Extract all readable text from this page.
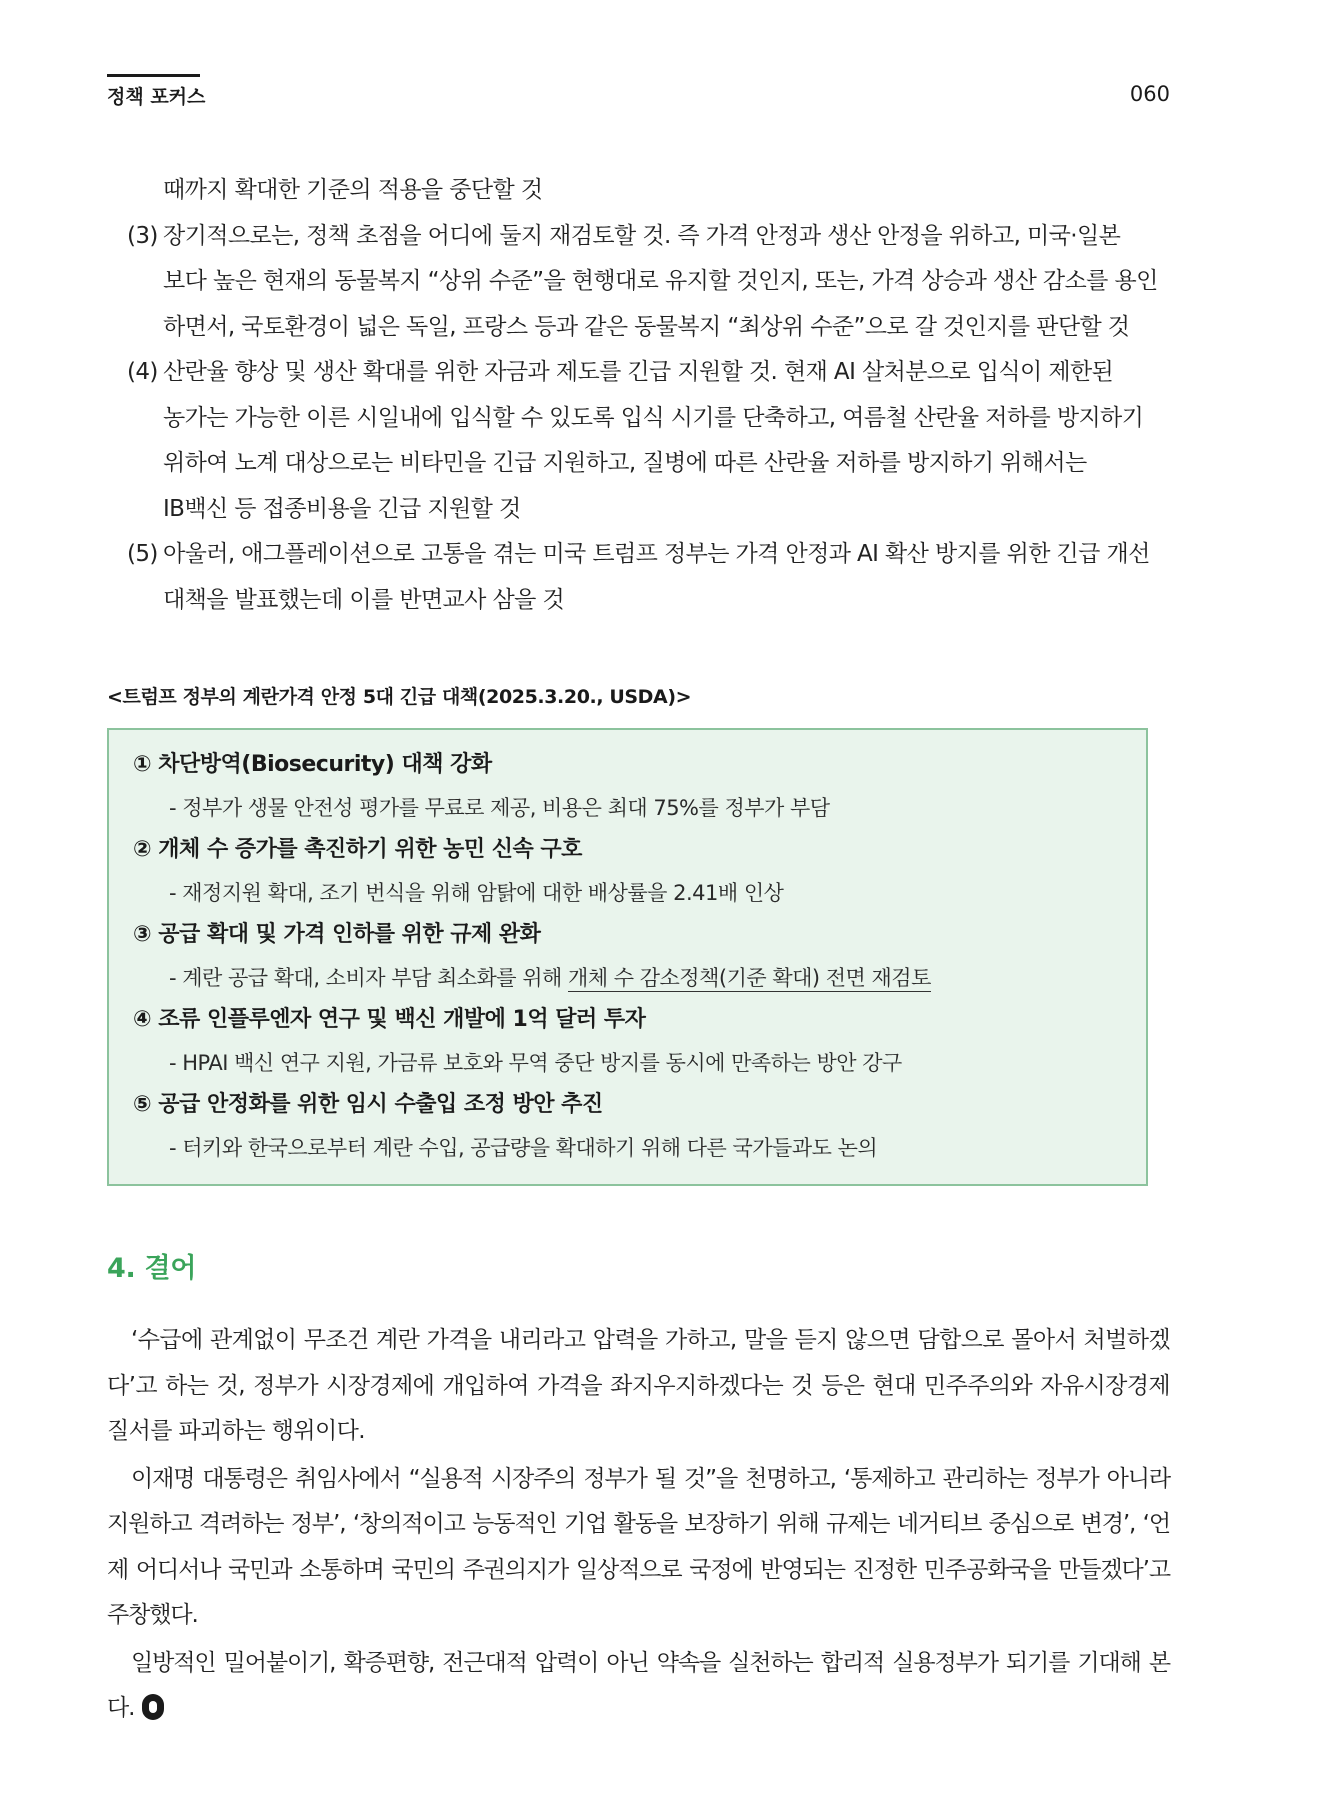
정책 포커스	060
때까지 확대한 기준의 적용을 중단할 것
(3) 장기적으로는, 정책 초점을 어디에 둘지 재검토할 것. 즉 가격 안정과 생산 안정을 위하고, 미국·일본
보다 높은 현재의 동물복지 “상위 수준”을 현행대로 유지할 것인지, 또는, 가격 상승과 생산 감소를 용인
하면서, 국토환경이 넓은 독일, 프랑스 등과 같은 동물복지 “최상위 수준”으로 갈 것인지를 판단할 것
(4) 산란율 향상 및 생산 확대를 위한 자금과 제도를 긴급 지원할 것. 현재 AI 살처분으로 입식이 제한된
농가는 가능한 이른 시일내에 입식할 수 있도록 입식 시기를 단축하고, 여름철 산란율 저하를 방지하기
위하여 노계 대상으로는 비타민을 긴급 지원하고, 질병에 따른 산란율 저하를 방지하기 위해서는
IB백신 등 접종비용을 긴급 지원할 것
(5) 아울러, 애그플레이션으로 고통을 겪는 미국 트럼프 정부는 가격 안정과 AI 확산 방지를 위한 긴급 개선
대책을 발표했는데 이를 반면교사 삼을 것
<트럼프 정부의 계란가격 안정 5대 긴급 대책(2025.3.20., USDA)>
① 차단방역(Biosecurity) 대책 강화
- 정부가 생물 안전성 평가를 무료로 제공, 비용은 최대 75%를 정부가 부담
② 개체 수 증가를 촉진하기 위한 농민 신속 구호
- 재정지원 확대, 조기 번식을 위해 암탉에 대한 배상률을 2.41배 인상
③ 공급 확대 및 가격 인하를 위한 규제 완화
- 계란 공급 확대, 소비자 부담 최소화를 위해 개체 수 감소정책(기준 확대) 전면 재검토
④ 조류 인플루엔자 연구 및 백신 개발에 1억 달러 투자
- HPAI 백신 연구 지원, 가금류 보호와 무역 중단 방지를 동시에 만족하는 방안 강구
⑤ 공급 안정화를 위한 임시 수출입 조정 방안 추진
- 터키와 한국으로부터 계란 수입, 공급량을 확대하기 위해 다른 국가들과도 논의
4. 결어

‘수급에 관계없이 무조건 계란 가격을 내리라고 압력을 가하고, 말을 듣지 않으면 담합으로 몰아서 처벌하겠다’고 하는 것, 정부가 시장경제에 개입하여 가격을 좌지우지하겠다는 것 등은 현대 민주주의와 자유시장경제질서를 파괴하는 행위이다.

이재명 대통령은 취임사에서 “실용적 시장주의 정부가 될 것”을 천명하고, ‘통제하고 관리하는 정부가 아니라 지원하고 격려하는 정부’, ‘창의적이고 능동적인 기업 활동을 보장하기 위해 규제는 네거티브 중심으로 변경’, ‘언제 어디서나 국민과 소통하며 국민의 주권의지가 일상적으로 국정에 반영되는 진정한 민주공화국을 만들겠다’고 주창했다.

일방적인 밀어붙이기, 확증편향, 전근대적 압력이 아닌 약속을 실천하는 합리적 실용정부가 되기를 기대해 본다.
